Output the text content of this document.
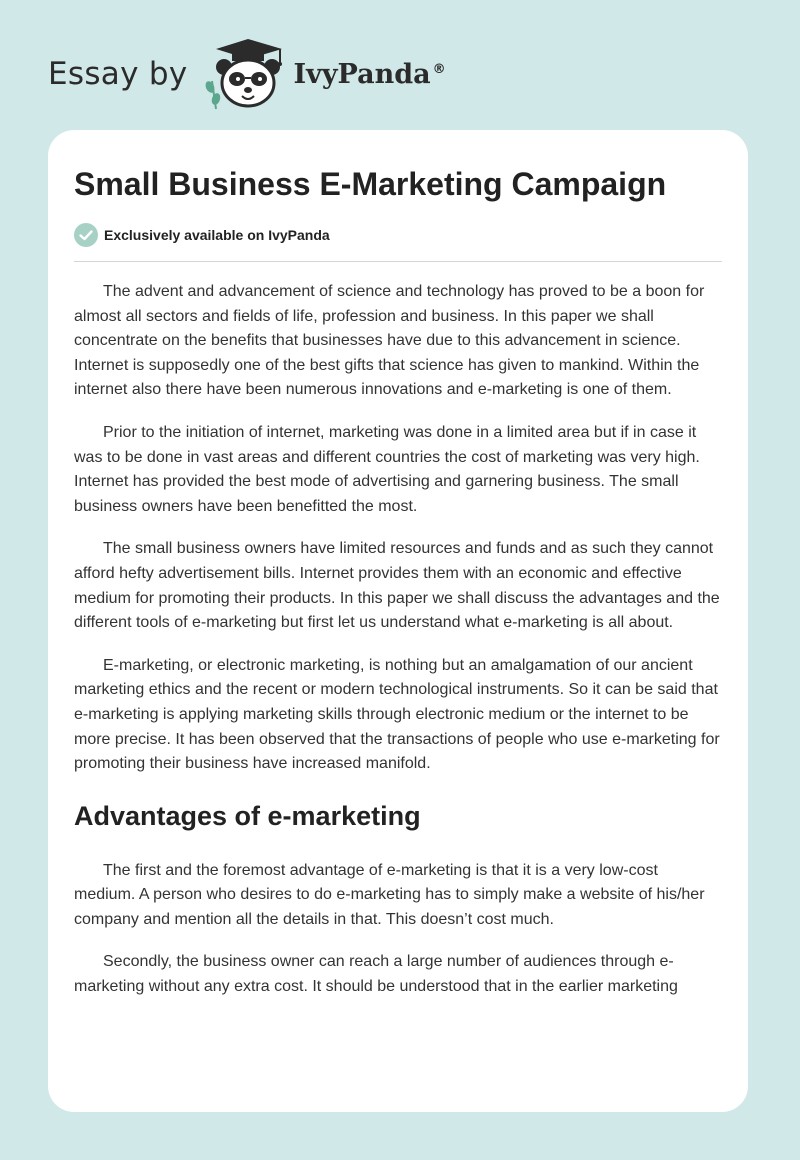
Essay by	IvyPanda ®
Small Business E-Marketing Campaign
Exclusively available on IvyPanda

The advent and advancement of science and technology has proved to be a boon for almost all sectors and fields of life, profession and business. In this paper we shall concentrate on the benefits that businesses have due to this advancement in science. Internet is supposedly one of the best gifts that science has given to mankind. Within the internet also there have been numerous innovations and e-marketing is one of them.

Prior to the initiation of internet, marketing was done in a limited area but if in case it was to be done in vast areas and different countries the cost of marketing was very high. Internet has provided the best mode of advertising and garnering business. The small business owners have been benefitted the most.

The small business owners have limited resources and funds and as such they cannot afford hefty advertisement bills. Internet provides them with an economic and effective medium for promoting their products. In this paper we shall discuss the advantages and the different tools of e-marketing but first let us understand what e-marketing is all about.

E-marketing, or electronic marketing, is nothing but an amalgamation of our ancient marketing ethics and the recent or modern technological instruments. So it can be said that e-marketing is applying marketing skills through electronic medium or the internet to be more precise. It has been observed that the transactions of people who use e-marketing for promoting their business have increased manifold.

Advantages of e-marketing

The first and the foremost advantage of e-marketing is that it is a very low-cost medium. A person who desires to do e-marketing has to simply make a website of his/her company and mention all the details in that. This doesn’t cost much.

Secondly, the business owner can reach a large number of audiences through e-marketing without any extra cost. It should be understood that in the earlier marketing
